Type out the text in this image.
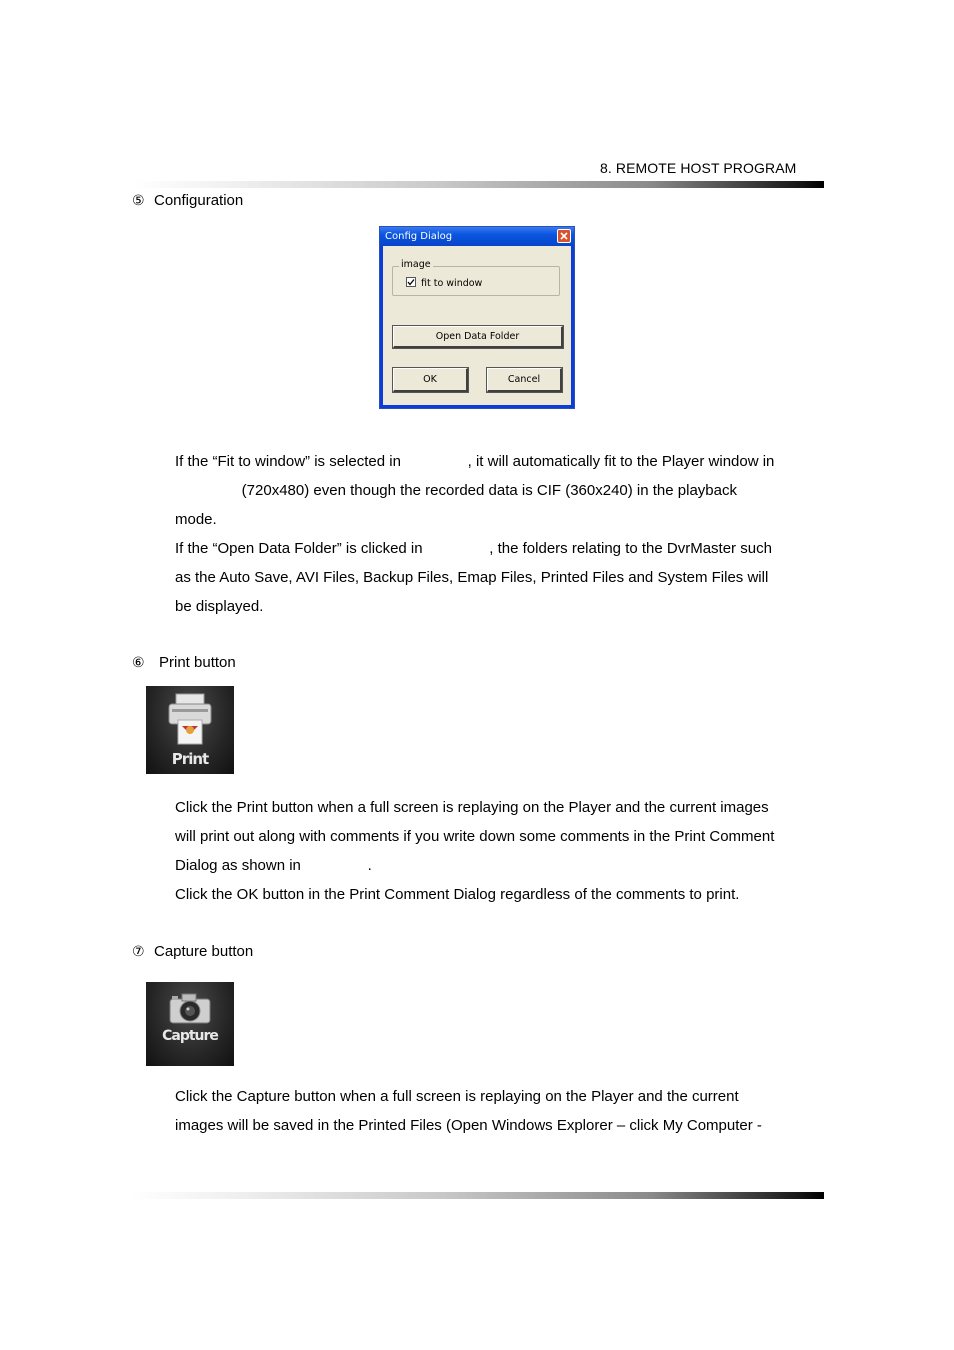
8. REMOTE HOST PROGRAM
⑤ Configuration
Config Dialog
image
fit to window
Open Data Folder
OK	Cancel
If the “Fit to window” is selected in                , it will automatically fit to the Player window in
(720x480) even though the recorded data is CIF (360x240) in the playback
mode.
If the “Open Data Folder” is clicked in                , the folders relating to the DvrMaster such
as the Auto Save, AVI Files, Backup Files, Emap Files, Printed Files and System Files will
be displayed.
⑥ Print button
Print
Click the Print button when a full screen is replaying on the Player and the current images
will print out along with comments if you write down some comments in the Print Comment
Dialog as shown in                .
Click the OK button in the Print Comment Dialog regardless of the comments to print.
⑦ Capture button
Capture
Click the Capture button when a full screen is replaying on the Player and the current
images will be saved in the Printed Files (Open Windows Explorer – click My Computer -
